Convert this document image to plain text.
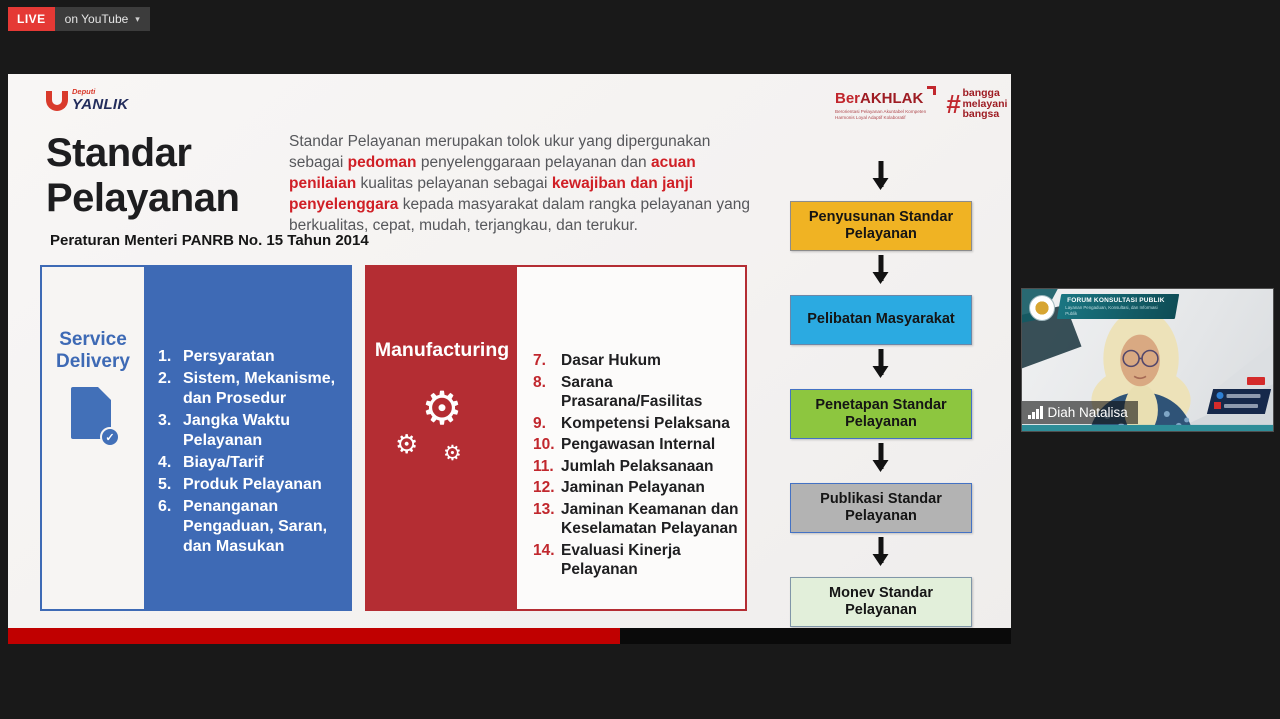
LIVE	on YouTube ▾
Deputi
YANLIK	BerAKHLAK
Berorientasi Pelayanan Akuntabel Kompeten
Harmonis Loyal Adaptif Kolaboratif	# bangga
melayani
bangsa
Standar
Pelayanan
Peraturan Menteri PANRB No. 15 Tahun 2014
Standar Pelayanan merupakan tolok ukur yang dipergunakan sebagai pedoman penyelenggaraan pelayanan dan acuan penilaian kualitas pelayanan sebagai kewajiban dan janji penyelenggara kepada masyarakat dalam rangka pelayanan yang berkualitas, cepat, mudah, terjangkau, dan terukur.
Service
Delivery
✓
1. Persyaratan
2. Sistem, Mekanisme, dan Prosedur
3. Jangka Waktu Pelayanan
4. Biaya/Tarif
5. Produk Pelayanan
6. Penanganan Pengaduan, Saran, dan Masukan
Manufacturing
⚙
⚙ ⚙
7. Dasar Hukum
8. Sarana Prasarana/Fasilitas
9. Kompetensi Pelaksana
10. Pengawasan Internal
11. Jumlah Pelaksanaan
12. Jaminan Pelayanan
13. Jaminan Keamanan dan Keselamatan Pelayanan
14. Evaluasi Kinerja Pelayanan
Penyusunan Standar Pelayanan
Pelibatan Masyarakat
Penetapan Standar Pelayanan
Publikasi Standar Pelayanan
Monev Standar Pelayanan
FORUM KONSULTASI PUBLIK
Layanan Pengaduan, Konsultasi, dan Informasi Publik
Diah Natalisa
